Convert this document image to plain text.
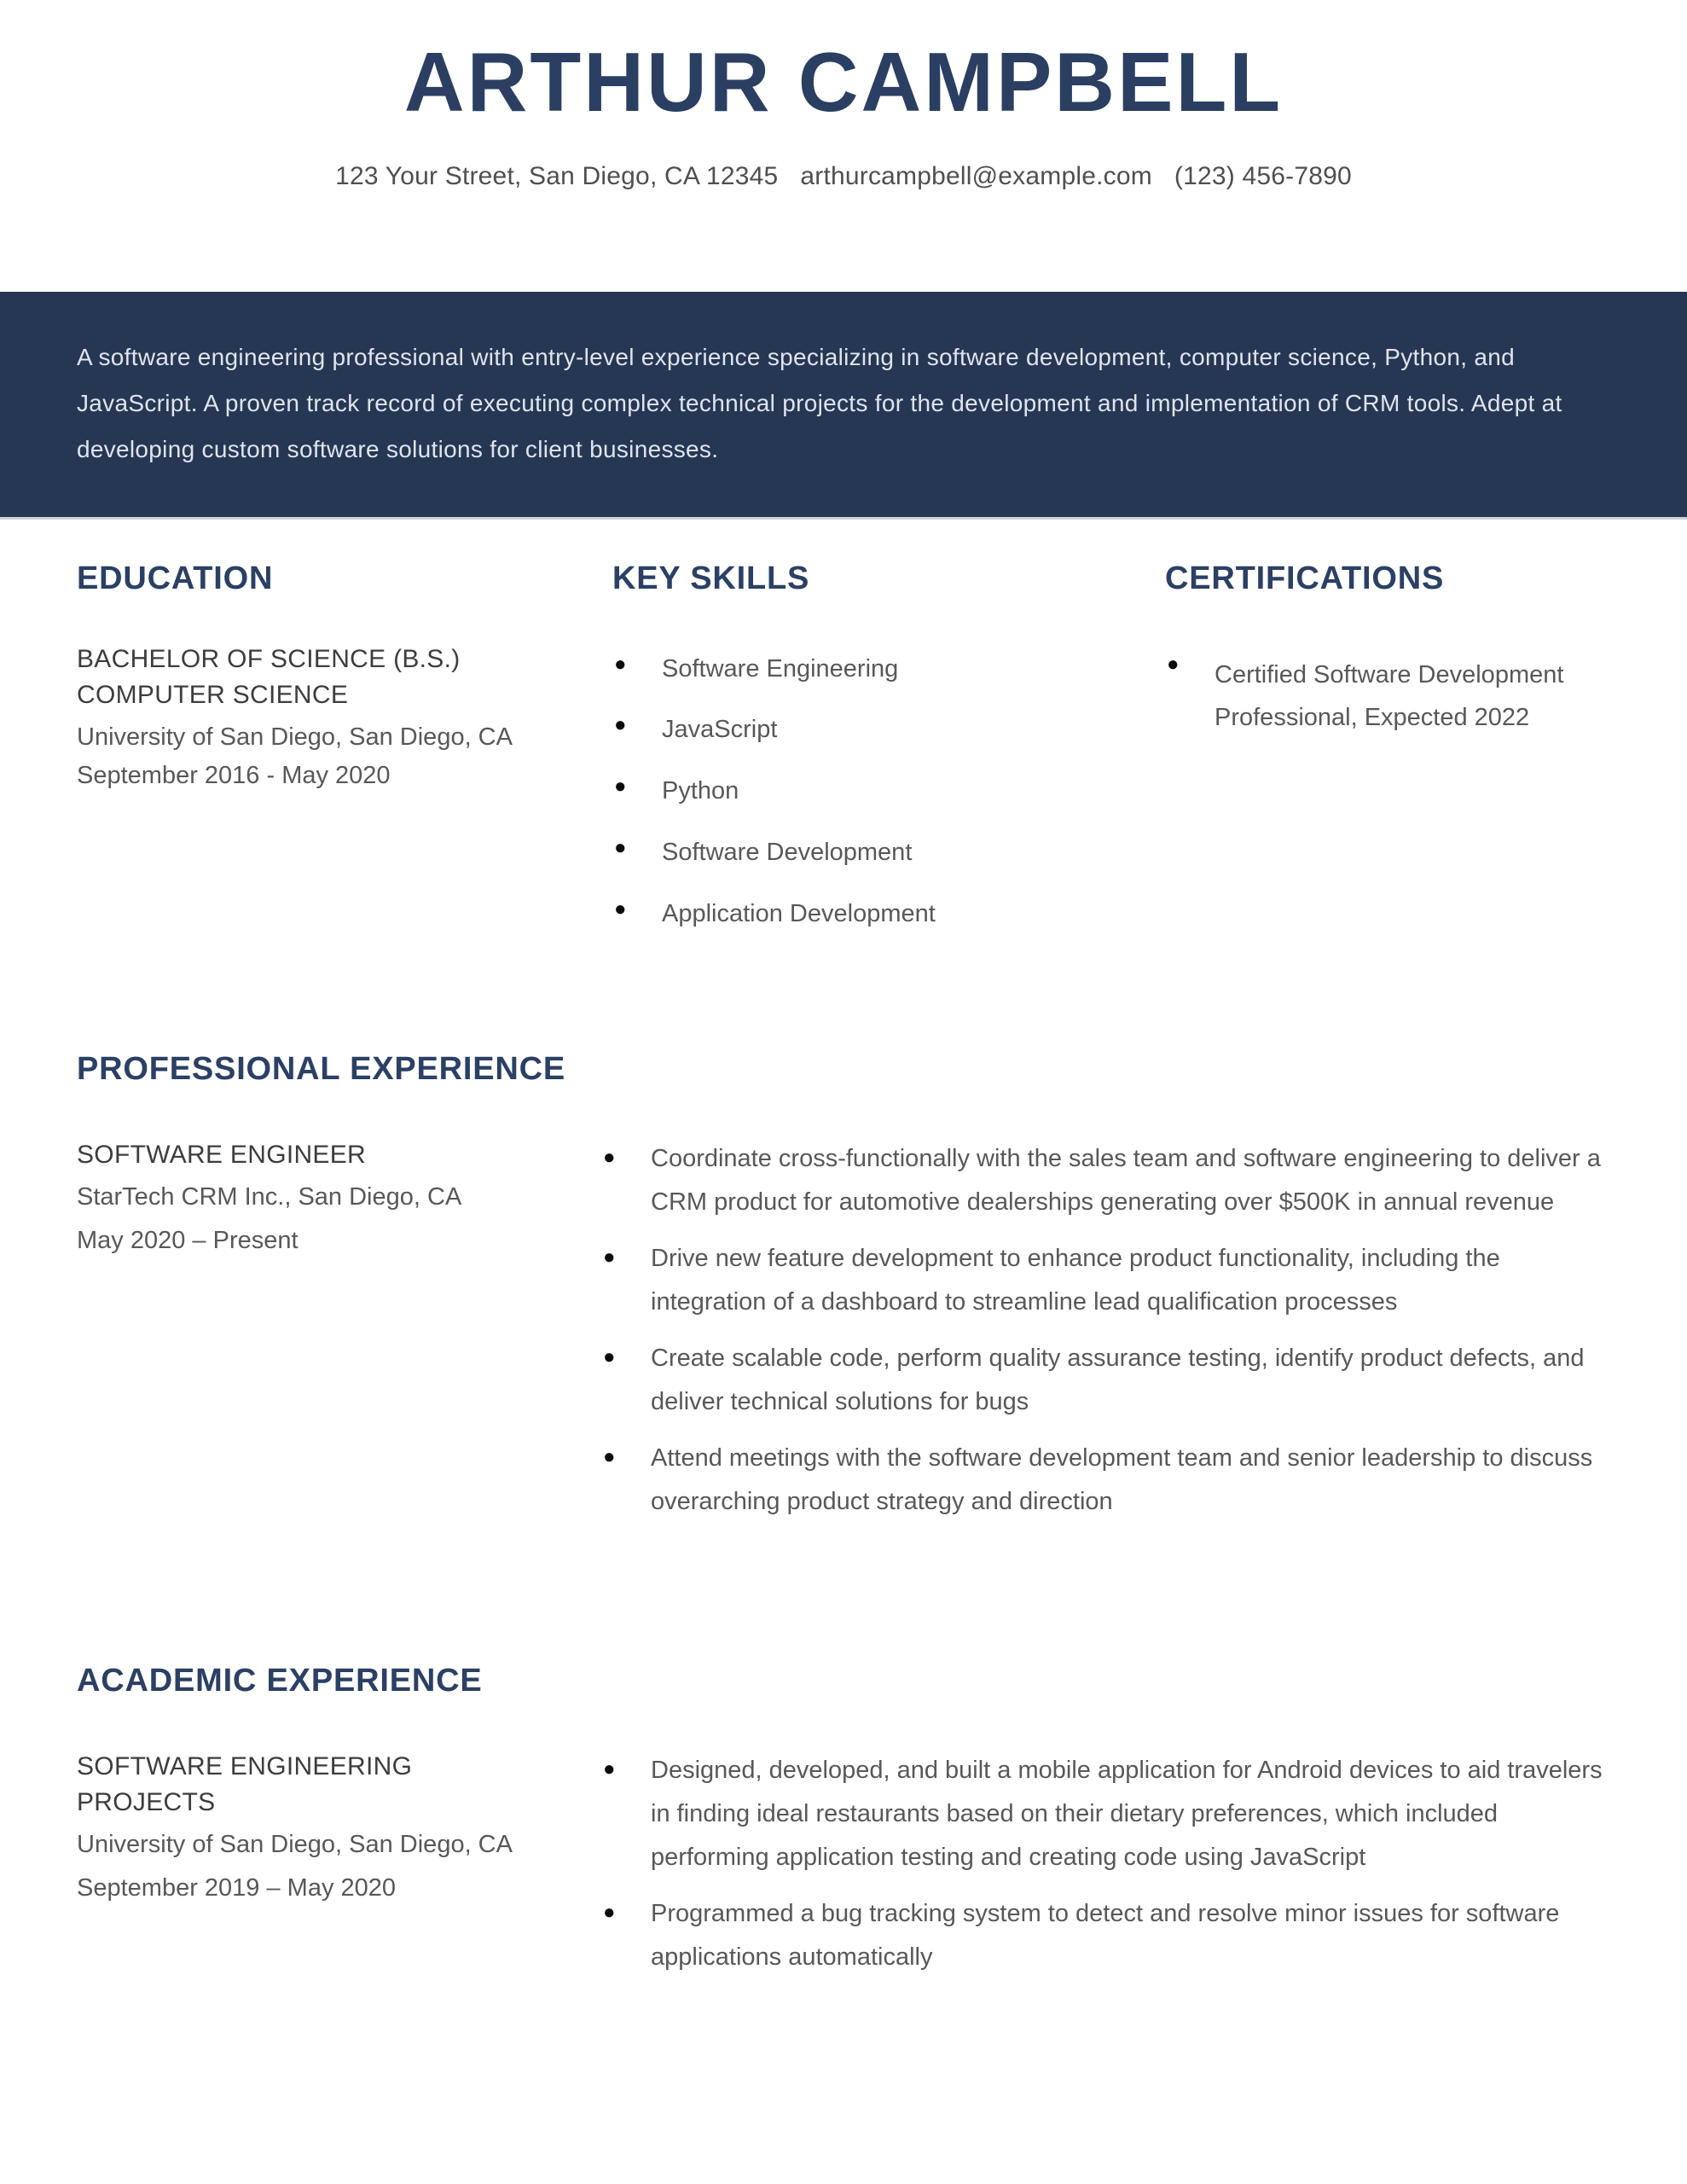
ARTHUR CAMPBELL
123 Your Street, San Diego, CA 12345 arthurcampbell@example.com (123) 456-7890

A software engineering professional with entry-level experience specializing in software development, computer science, Python, and JavaScript. A proven track record of executing complex technical projects for the development and implementation of CRM tools. Adept at developing custom software solutions for client businesses.

EDUCATION
BACHELOR OF SCIENCE (B.S.) COMPUTER SCIENCE
University of San Diego, San Diego, CA
September 2016 - May 2020
KEY SKILLS
● Software Engineering
● JavaScript
● Python
● Software Development
● Application Development
CERTIFICATIONS
● Certified Software Development Professional, Expected 2022
PROFESSIONAL EXPERIENCE
SOFTWARE ENGINEER
StarTech CRM Inc., San Diego, CA
May 2020 – Present
● Coordinate cross-functionally with the sales team and software engineering to deliver a CRM product for automotive dealerships generating over $500K in annual revenue
● Drive new feature development to enhance product functionality, including the integration of a dashboard to streamline lead qualification processes
● Create scalable code, perform quality assurance testing, identify product defects, and deliver technical solutions for bugs
● Attend meetings with the software development team and senior leadership to discuss overarching product strategy and direction
ACADEMIC EXPERIENCE
SOFTWARE ENGINEERING PROJECTS
University of San Diego, San Diego, CA
September 2019 – May 2020
● Designed, developed, and built a mobile application for Android devices to aid travelers in finding ideal restaurants based on their dietary preferences, which included performing application testing and creating code using JavaScript
● Programmed a bug tracking system to detect and resolve minor issues for software applications automatically
